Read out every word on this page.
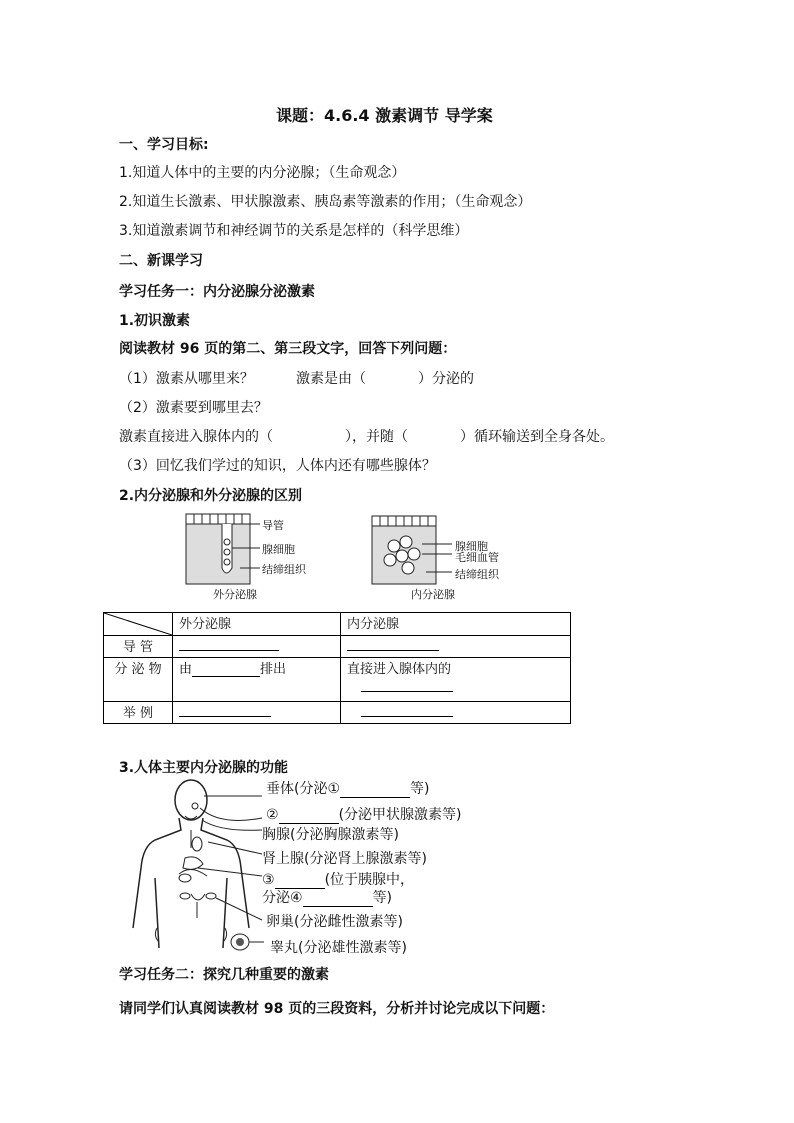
课题：4.6.4 激素调节 导学案
一、学习目标:
1.知道人体中的主要的内分泌腺；（生命观念）
2.知道生长激素、甲状腺激素、胰岛素等激素的作用；（生命观念）
3.知道激素调节和神经调节的关系是怎样的（科学思维）
二、新课学习
学习任务一：内分泌腺分泌激素
1.初识激素
阅读教材 96 页的第二、第三段文字，回答下列问题：
（1）激素从哪里来？	激素是由（	）分泌的
（2）激素要到哪里去？
激素直接进入腺体内的（	），并随（	）循环输送到全身各处。
（3）回忆我们学过的知识，人体内还有哪些腺体？
2.内分泌腺和外分泌腺的区别
导管
腺细胞
结缔组织
外分泌腺
腺细胞
毛细血管
结缔组织
内分泌腺
	外分泌腺	内分泌腺
导 管		
分 泌 物	由 排出	直接进入腺体内的

举 例		
3.人体主要内分泌腺的功能
垂体(分泌①	等)
②	(分泌甲状腺激素等)
胸腺(分泌胸腺激素等)
肾上腺(分泌肾上腺激素等)
③	(位于胰腺中，
分泌④	等)
卵巢(分泌雌性激素等)
睾丸(分泌雄性激素等)
学习任务二：探究几种重要的激素
请同学们认真阅读教材 98 页的三段资料，分析并讨论完成以下问题：
